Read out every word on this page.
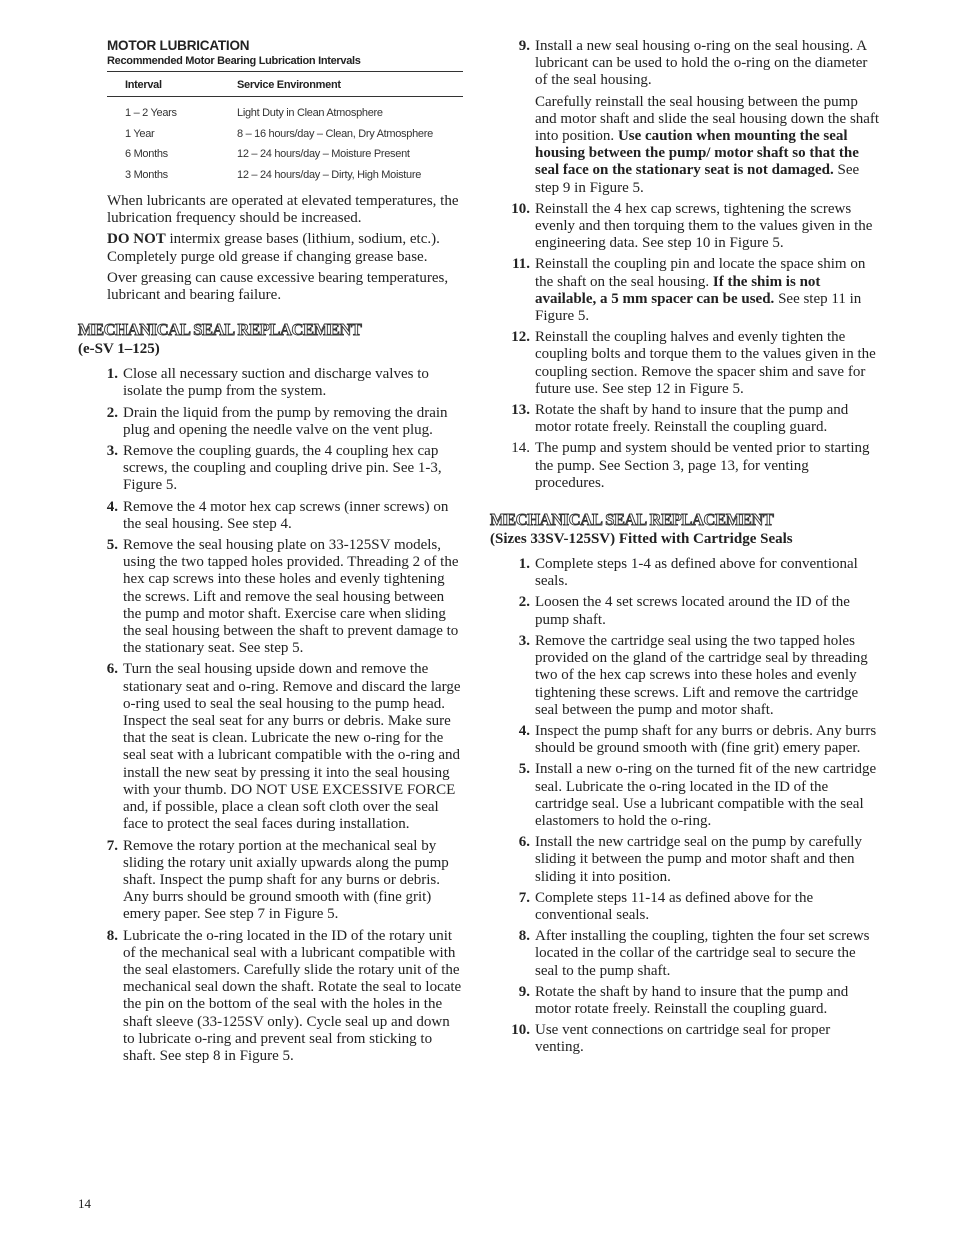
MOTOR LUBRICATION
Recommended Motor Bearing Lubrication Intervals
Interval	Service Environment
1 – 2 Years	Light Duty in Clean Atmosphere
1 Year	8 – 16 hours/day – Clean, Dry Atmosphere
6 Months	12 – 24 hours/day – Moisture Present
3 Months	12 – 24 hours/day – Dirty, High Moisture

When lubricants are operated at elevated temperatures, the lubrication frequency should be increased.

DO NOT intermix grease bases (lithium, sodium, etc.). Completely purge old grease if changing grease base.

Over greasing can cause excessive bearing temperatures, lubricant and bearing failure.

MECHANICAL SEAL REPLACEMENT
(e-SV 1–125)
1. Close all necessary suction and discharge valves to isolate the pump from the system.
2. Drain the liquid from the pump by removing the drain plug and opening the needle valve on the vent plug.
3. Remove the coupling guards, the 4 coupling hex cap screws, the coupling and coupling drive pin. See 1-3, Figure 5.
4. Remove the 4 motor hex cap screws (inner screws) on the seal housing. See step 4.
5. Remove the seal housing plate on 33-125SV models, using the two tapped holes provided. Threading 2 of the hex cap screws into these holes and evenly tightening the screws. Lift and remove the seal housing between the pump and motor shaft. Exercise care when sliding the seal housing between the shaft to prevent damage to the stationary seat. See step 5.
6. Turn the seal housing upside down and remove the stationary seat and o-ring. Remove and discard the large o-ring used to seal the seal housing to the pump head. Inspect the seal seat for any burrs or debris. Make sure that the seat is clean. Lubricate the new o-ring for the seal seat with a lubricant compatible with the o-ring and install the new seat by pressing it into the seal housing with your thumb. DO NOT USE EXCESSIVE FORCE and, if possible, place a clean soft cloth over the seal face to protect the seal faces during installation.
7. Remove the rotary portion at the mechanical seal by sliding the rotary unit axially upwards along the pump shaft. Inspect the pump shaft for any burns or debris. Any burrs should be ground smooth with (fine grit) emery paper. See step 7 in Figure 5.
8. Lubricate the o-ring located in the ID of the rotary unit of the mechanical seal with a lubricant compatible with the seal elastomers. Carefully slide the rotary unit of the mechanical seal down the shaft. Rotate the seal to locate the pin on the bottom of the seal with the holes in the shaft sleeve (33-125SV only). Cycle seal up and down to lubricate o-ring and prevent seal from sticking to shaft. See step 8 in Figure 5.
9. Install a new seal housing o-ring on the seal housing. A lubricant can be used to hold the o-ring on the diameter of the seal housing.

Carefully reinstall the seal housing between the pump and motor shaft and slide the seal housing down the shaft into position. Use caution when mounting the seal housing between the pump/ motor shaft so that the seal face on the stationary seat is not damaged. See step 9 in Figure 5.

10. Reinstall the 4 hex cap screws, tightening the screws evenly and then torquing them to the values given in the engineering data. See step 10 in Figure 5.
11. Reinstall the coupling pin and locate the space shim on the shaft on the seal housing. If the shim is not available, a 5 mm spacer can be used. See step 11 in Figure 5.
12. Reinstall the coupling halves and evenly tighten the coupling bolts and torque them to the values given in the coupling section. Remove the spacer shim and save for future use. See step 12 in Figure 5.
13. Rotate the shaft by hand to insure that the pump and motor rotate freely. Reinstall the coupling guard.
14. The pump and system should be vented prior to starting the pump. See Section 3, page 13, for venting procedures.
MECHANICAL SEAL REPLACEMENT
(Sizes 33SV-125SV) Fitted with Cartridge Seals
1. Complete steps 1-4 as defined above for conventional seals.
2. Loosen the 4 set screws located around the ID of the pump shaft.
3. Remove the cartridge seal using the two tapped holes provided on the gland of the cartridge seal by threading two of the hex cap screws into these holes and evenly tightening these screws. Lift and remove the cartridge seal between the pump and motor shaft.
4. Inspect the pump shaft for any burrs or debris. Any burrs should be ground smooth with (fine grit) emery paper.
5. Install a new o-ring on the turned fit of the new cartridge seal. Lubricate the o-ring located in the ID of the cartridge seal. Use a lubricant compatible with the seal elastomers to hold the o-ring.
6. Install the new cartridge seal on the pump by carefully sliding it between the pump and motor shaft and then sliding it into position.
7. Complete steps 11-14 as defined above for the conventional seals.
8. After installing the coupling, tighten the four set screws located in the collar of the cartridge seal to secure the seal to the pump shaft.
9. Rotate the shaft by hand to insure that the pump and motor rotate freely. Reinstall the coupling guard.
10. Use vent connections on cartridge seal for proper venting.
14
